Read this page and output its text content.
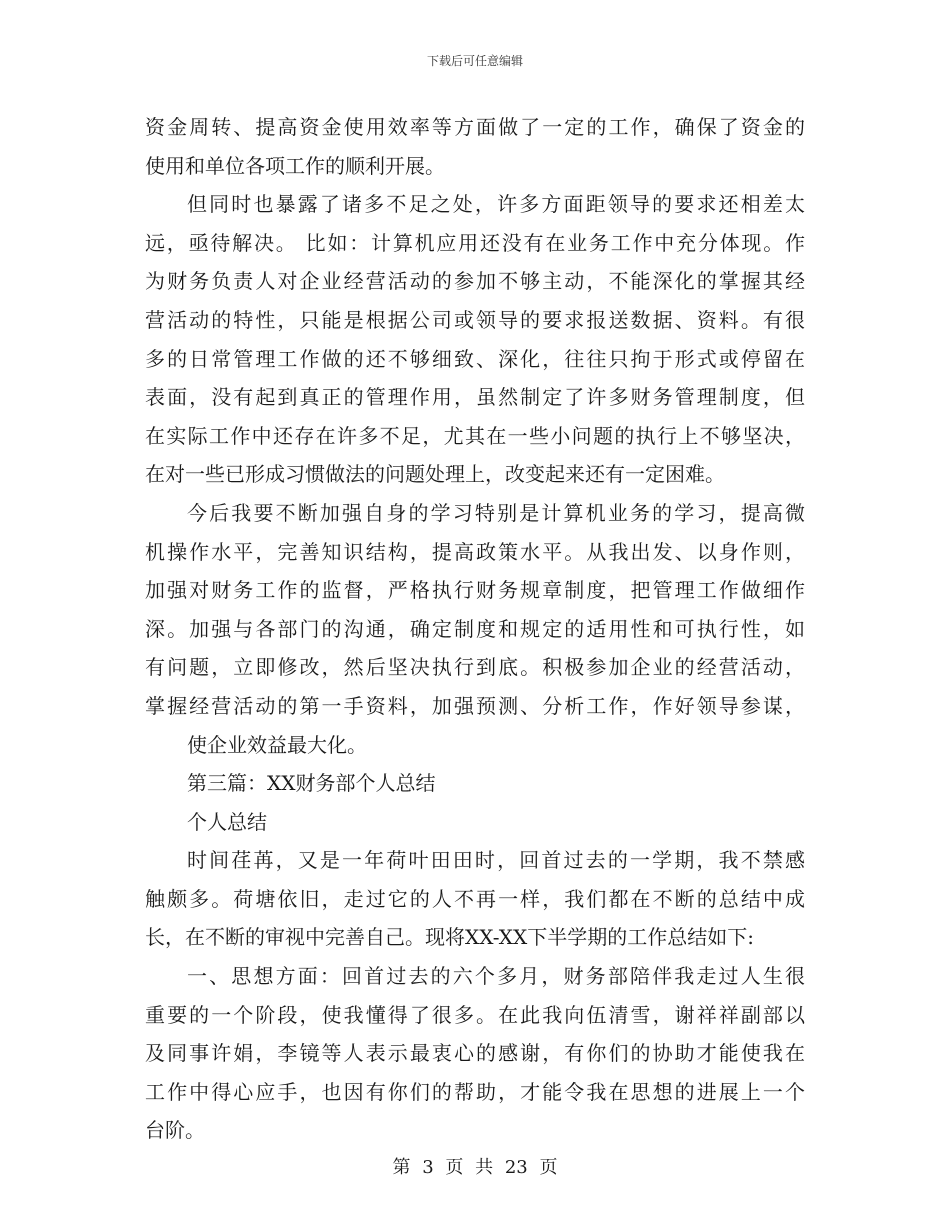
下载后可任意编辑
资金周转、提高资金使用效率等方面做了一定的工作，确保了资金的
使用和单位各项工作的顺利开展。
但同时也暴露了诸多不足之处，许多方面距领导的要求还相差太
远，亟待解决。 比如：计算机应用还没有在业务工作中充分体现。作
为财务负责人对企业经营活动的参加不够主动，不能深化的掌握其经
营活动的特性，只能是根据公司或领导的要求报送数据、资料。有很
多的日常管理工作做的还不够细致、深化，往往只拘于形式或停留在
表面，没有起到真正的管理作用，虽然制定了许多财务管理制度，但
在实际工作中还存在许多不足，尤其在一些小问题的执行上不够坚决，
在对一些已形成习惯做法的问题处理上，改变起来还有一定困难。
今后我要不断加强自身的学习特别是计算机业务的学习，提高微
机操作水平，完善知识结构，提高政策水平。从我出发、以身作则，
加强对财务工作的监督，严格执行财务规章制度，把管理工作做细作
深。加强与各部门的沟通，确定制度和规定的适用性和可执行性，如
有问题，立即修改，然后坚决执行到底。积极参加企业的经营活动，
掌握经营活动的第一手资料，加强预测、分析工作，作好领导参谋，
使企业效益最大化。
第三篇：XX财务部个人总结
个人总结
时间荏苒，又是一年荷叶田田时，回首过去的一学期，我不禁感
触颇多。荷塘依旧，走过它的人不再一样，我们都在不断的总结中成
长，在不断的审视中完善自己。现将XX-XX下半学期的工作总结如下:
一、思想方面：回首过去的六个多月，财务部陪伴我走过人生很
重要的一个阶段，使我懂得了很多。在此我向伍清雪，谢祥祥副部以
及同事许娟，李镜等人表示最衷心的感谢，有你们的协助才能使我在
工作中得心应手，也因有你们的帮助，才能令我在思想的进展上一个
台阶。
第 3 页 共 23 页
